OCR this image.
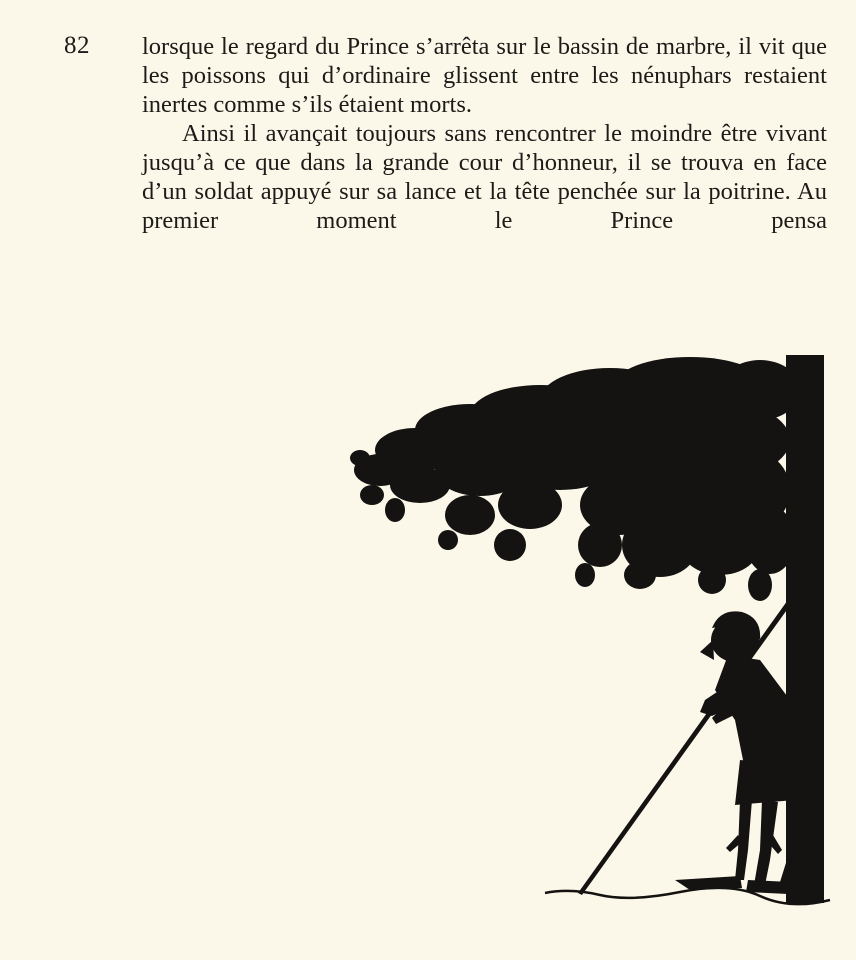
82 lorsque le regard du Prince s’arrêta sur le bassin de marbre, il vit que les poissons qui d’ordinaire glissent entre les nénuphars restaient inertes comme s’ils étaient morts.

Ainsi il avançait toujours sans rencontrer le moindre être vivant jusqu’à ce que dans la grande cour d’honneur, il se trouva en face d’un soldat appuyé sur sa lance et la tête penchée sur la poitrine. Au premier moment le Prince pensa
